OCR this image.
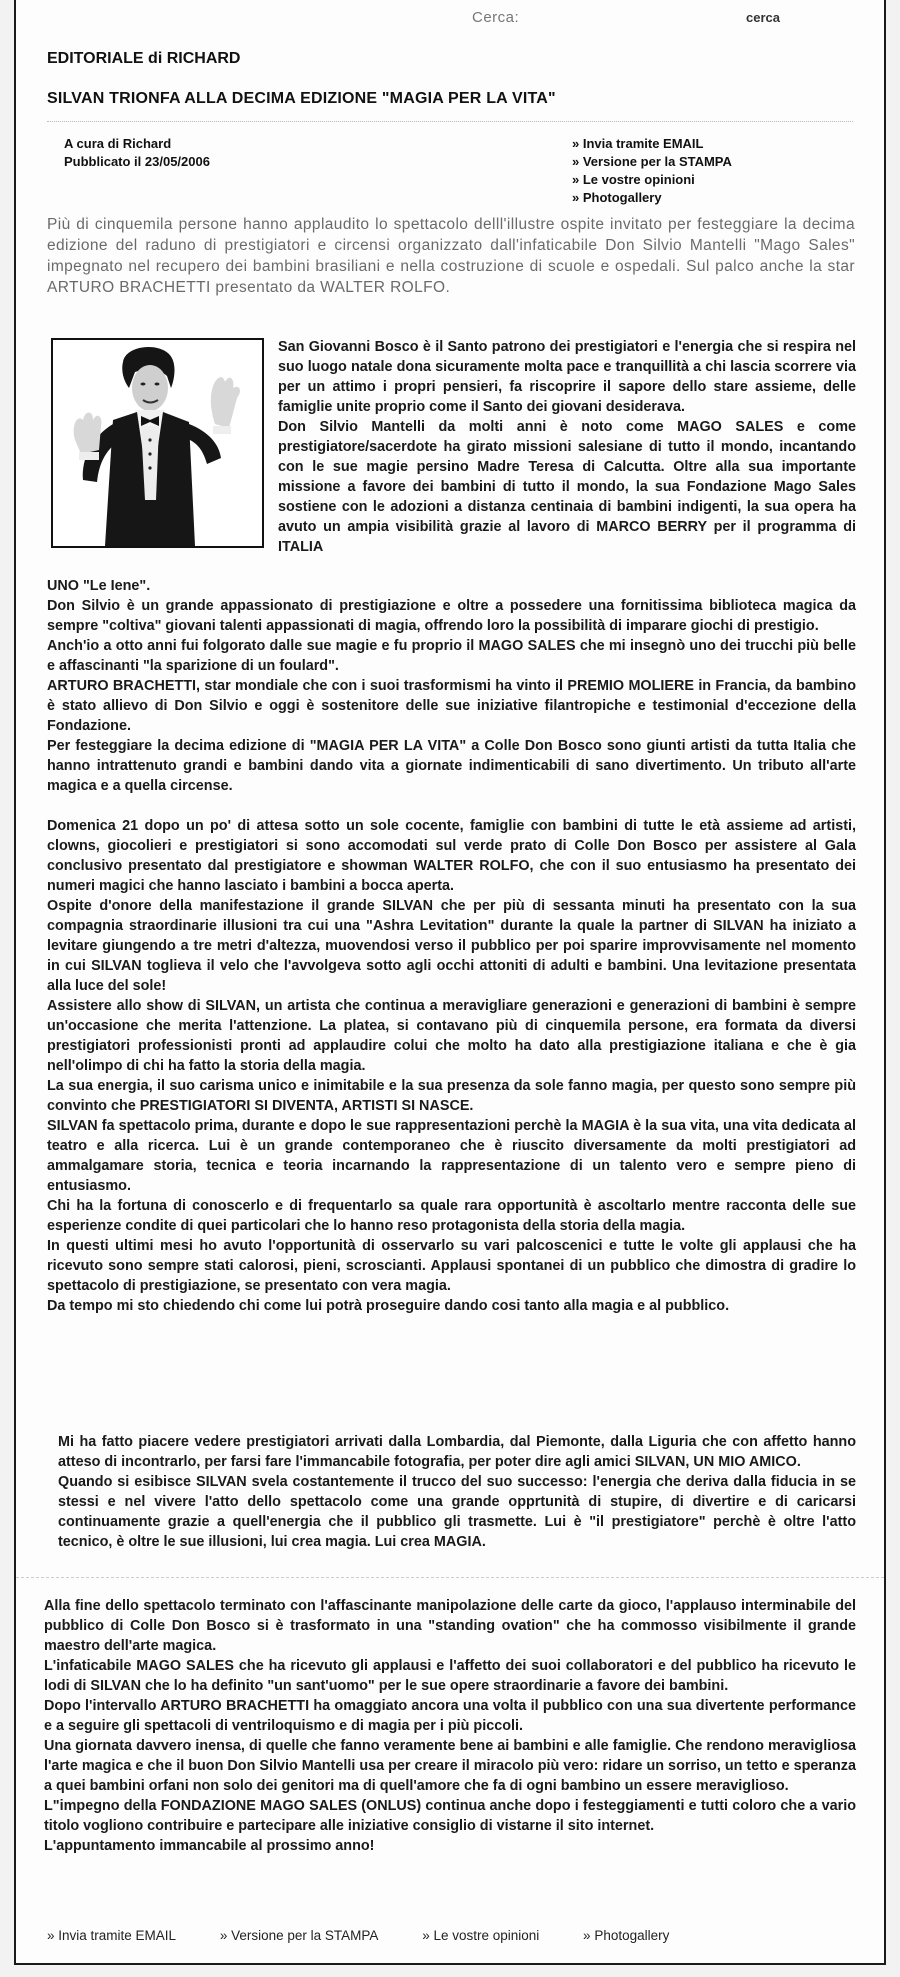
Cerca:	cerca
EDITORIALE di RICHARD
SILVAN TRIONFA ALLA DECIMA EDIZIONE "MAGIA PER LA VITA"
A cura di Richard
Pubblicato il 23/05/2006
» Invia tramite EMAIL
» Versione per la STAMPA
» Le vostre opinioni
» Photogallery

Più di cinquemila persone hanno applaudito lo spettacolo delll'illustre ospite invitato per festeggiare la decima edizione del raduno di prestigiatori e circensi organizzato dall'infaticabile Don Silvio Mantelli "Mago Sales" impegnato nel recupero dei bambini brasiliani e nella costruzione di scuole e ospedali. Sul palco anche la star ARTURO BRACHETTI presentato da WALTER ROLFO.

San Giovanni Bosco è il Santo patrono dei prestigiatori e l'energia che si respira nel suo luogo natale dona sicuramente molta pace e tranquillità a chi lascia scorrere via per un attimo i propri pensieri, fa riscoprire il sapore dello stare assieme, delle famiglie unite proprio come il Santo dei giovani desiderava.

Don Silvio Mantelli da molti anni è noto come MAGO SALES e come prestigiatore/sacerdote ha girato missioni salesiane di tutto il mondo, incantando con le sue magie persino Madre Teresa di Calcutta. Oltre alla sua importante missione a favore dei bambini di tutto il mondo, la sua Fondazione Mago Sales sostiene con le adozioni a distanza centinaia di bambini indigenti, la sua opera ha avuto un ampia visibilità grazie al lavoro di MARCO BERRY per il programma di ITALIA

UNO "Le Iene".

Don Silvio è un grande appassionato di prestigiazione e oltre a possedere una fornitissima biblioteca magica da sempre "coltiva" giovani talenti appassionati di magia, offrendo loro la possibilità di imparare giochi di prestigio.

Anch'io a otto anni fui folgorato dalle sue magie e fu proprio il MAGO SALES che mi insegnò uno dei trucchi più belle e affascinanti "la sparizione di un foulard".

ARTURO BRACHETTI, star mondiale che con i suoi trasformismi ha vinto il PREMIO MOLIERE in Francia, da bambino è stato allievo di Don Silvio e oggi è sostenitore delle sue iniziative filantropiche e testimonial d'eccezione della Fondazione.

Per festeggiare la decima edizione di "MAGIA PER LA VITA" a Colle Don Bosco sono giunti artisti da tutta Italia che hanno intrattenuto grandi e bambini dando vita a giornate indimenticabili di sano divertimento. Un tributo all'arte magica e a quella circense.

Domenica 21 dopo un po' di attesa sotto un sole cocente, famiglie con bambini di tutte le età assieme ad artisti, clowns, giocolieri e prestigiatori si sono accomodati sul verde prato di Colle Don Bosco per assistere al Gala conclusivo presentato dal prestigiatore e showman WALTER ROLFO, che con il suo entusiasmo ha presentato dei numeri magici che hanno lasciato i bambini a bocca aperta.

Ospite d'onore della manifestazione il grande SILVAN che per più di sessanta minuti ha presentato con la sua compagnia straordinarie illusioni tra cui una "Ashra Levitation" durante la quale la partner di SILVAN ha iniziato a levitare giungendo a tre metri d'altezza, muovendosi verso il pubblico per poi sparire improvvisamente nel momento in cui SILVAN toglieva il velo che l'avvolgeva sotto agli occhi attoniti di adulti e bambini. Una levitazione presentata alla luce del sole!

Assistere allo show di SILVAN, un artista che continua a meravigliare generazioni e generazioni di bambini è sempre un'occasione che merita l'attenzione. La platea, si contavano più di cinquemila persone, era formata da diversi prestigiatori professionisti pronti ad applaudire colui che molto ha dato alla prestigiazione italiana e che è gia nell'olimpo di chi ha fatto la storia della magia.

La sua energia, il suo carisma unico e inimitabile e la sua presenza da sole fanno magia, per questo sono sempre più convinto che PRESTIGIATORI SI DIVENTA, ARTISTI SI NASCE.

SILVAN fa spettacolo prima, durante e dopo le sue rappresentazioni perchè la MAGIA è la sua vita, una vita dedicata al teatro e alla ricerca. Lui è un grande contemporaneo che è riuscito diversamente da molti prestigiatori ad ammalgamare storia, tecnica e teoria incarnando la rappresentazione di un talento vero e sempre pieno di entusiasmo.

Chi ha la fortuna di conoscerlo e di frequentarlo sa quale rara opportunità è ascoltarlo mentre racconta delle sue esperienze condite di quei particolari che lo hanno reso protagonista della storia della magia.

In questi ultimi mesi ho avuto l'opportunità di osservarlo su vari palcoscenici e tutte le volte gli applausi che ha ricevuto sono sempre stati calorosi, pieni, scroscianti. Applausi spontanei di un pubblico che dimostra di gradire lo spettacolo di prestigiazione, se presentato con vera magia.

Da tempo mi sto chiedendo chi come lui potrà proseguire dando cosi tanto alla magia e al pubblico.

Mi ha fatto piacere vedere prestigiatori arrivati dalla Lombardia, dal Piemonte, dalla Liguria che con affetto hanno atteso di incontrarlo, per farsi fare l'immancabile fotografia, per poter dire agli amici SILVAN, UN MIO AMICO.

Quando si esibisce SILVAN svela costantemente il trucco del suo successo: l'energia che deriva dalla fiducia in se stessi e nel vivere l'atto dello spettacolo come una grande opprtunità di stupire, di divertire e di caricarsi continuamente grazie a quell'energia che il pubblico gli trasmette. Lui è "il prestigiatore" perchè è oltre l'atto tecnico, è oltre le sue illusioni, lui crea magia. Lui crea MAGIA.

Alla fine dello spettacolo terminato con l'affascinante manipolazione delle carte da gioco, l'applauso interminabile del pubblico di Colle Don Bosco si è trasformato in una "standing ovation" che ha commosso visibilmente il grande maestro dell'arte magica.

L'infaticabile MAGO SALES che ha ricevuto gli applausi e l'affetto dei suoi collaboratori e del pubblico ha ricevuto le lodi di SILVAN che lo ha definito "un sant'uomo" per le sue opere straordinarie a favore dei bambini.

Dopo l'intervallo ARTURO BRACHETTI ha omaggiato ancora una volta il pubblico con una sua divertente performance e a seguire gli spettacoli di ventriloquismo e di magia per i più piccoli.

Una giornata davvero inensa, di quelle che fanno veramente bene ai bambini e alle famiglie. Che rendono meravigliosa l'arte magica e che il buon Don Silvio Mantelli usa per creare il miracolo più vero: ridare un sorriso, un tetto e speranza a quei bambini orfani non solo dei genitori ma di quell'amore che fa di ogni bambino un essere meraviglioso.

L"impegno della FONDAZIONE MAGO SALES (ONLUS) continua anche dopo i festeggiamenti e tutti coloro che a vario titolo vogliono contribuire e partecipare alle iniziative consiglio di vistarne il sito internet.

L'appuntamento immancabile al prossimo anno!

» Invia tramite EMAIL	» Versione per la STAMPA	» Le vostre opinioni	» Photogallery
